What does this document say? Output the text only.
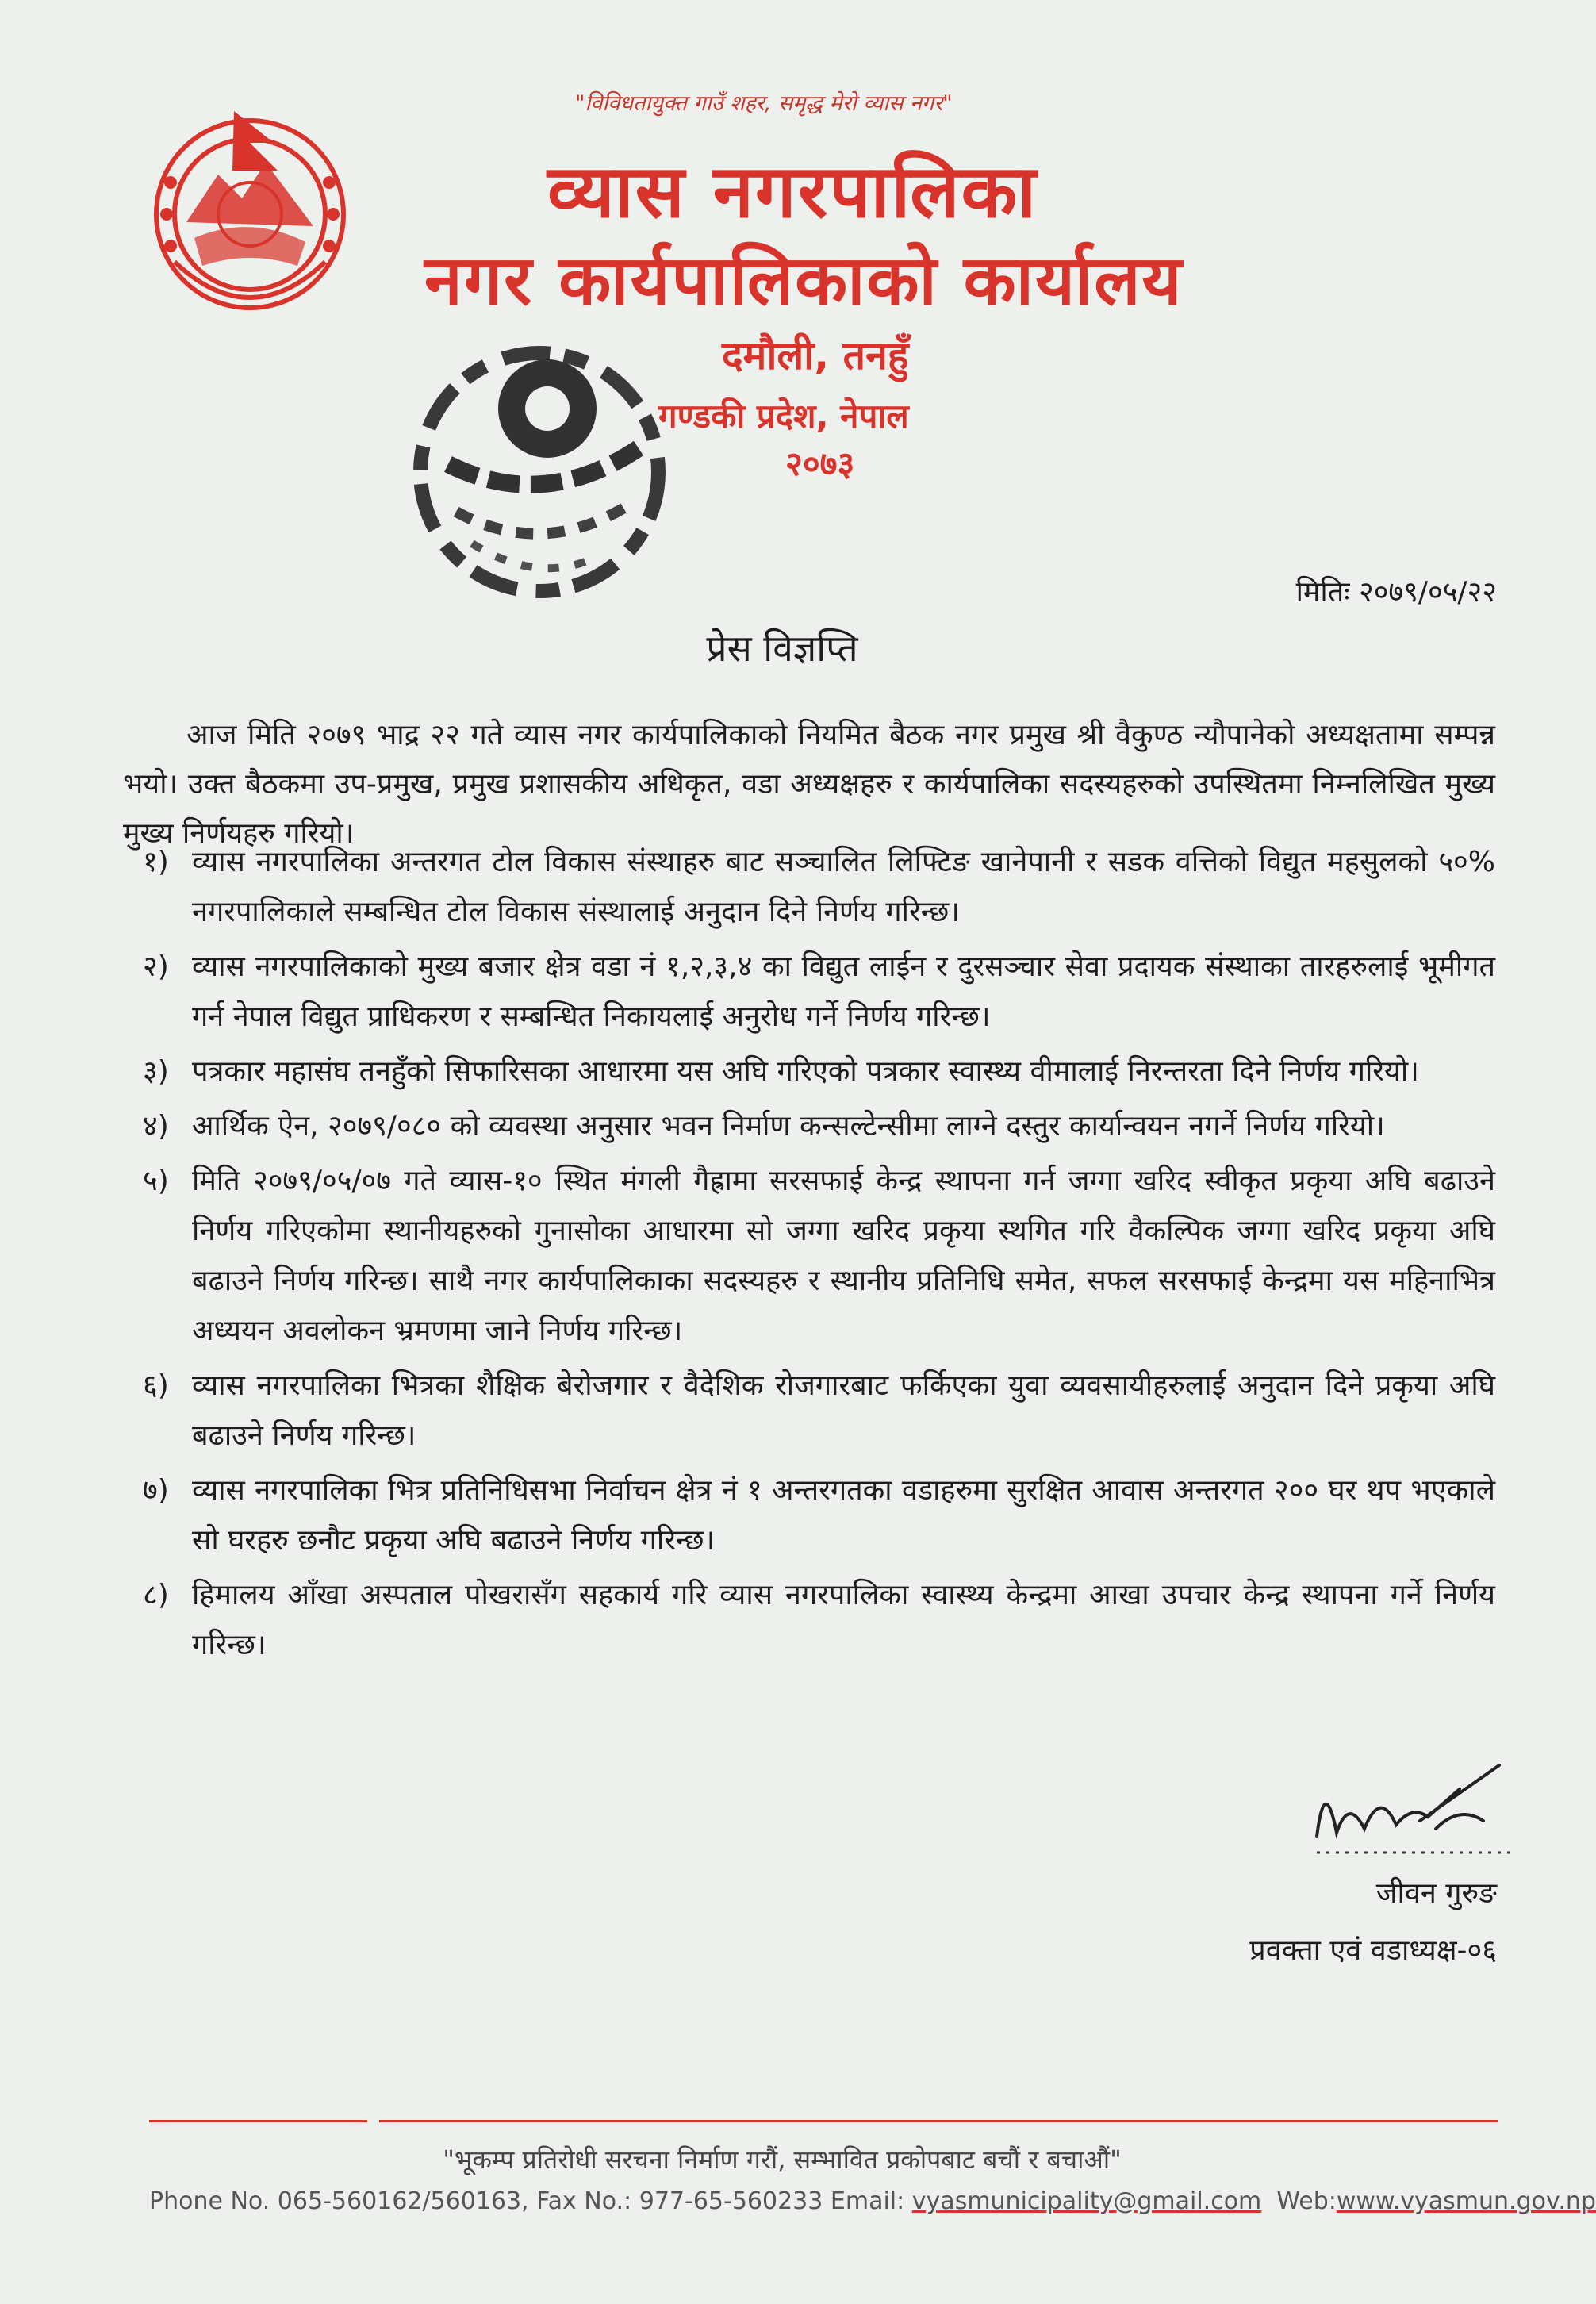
"विविधतायुक्त गाउँ शहर, समृद्ध मेरो व्यास नगर"
व्यास नगरपालिका
नगर कार्यपालिकाको कार्यालय
दमौली, तनहुँ
गण्डकी प्रदेश, नेपाल
२०७३
मितिः २०७९/०५/२२
प्रेस विज्ञप्ति

आज मिति २०७९ भाद्र २२ गते व्यास नगर कार्यपालिकाको नियमित बैठक नगर प्रमुख श्री वैकुण्ठ न्यौपानेको अध्यक्षतामा सम्पन्न भयो। उक्त बैठकमा उप-प्रमुख, प्रमुख प्रशासकीय अधिकृत, वडा अध्यक्षहरु र कार्यपालिका सदस्यहरुको उपस्थितमा निम्नलिखित मुख्य मुख्य निर्णयहरु गरियो।

१) व्यास नगरपालिका अन्तरगत टोल विकास संस्थाहरु बाट सञ्चालित लिफ्टिङ खानेपानी र सडक वत्तिको विद्युत महसुलको ५०% नगरपालिकाले सम्बन्धित टोल विकास संस्थालाई अनुदान दिने निर्णय गरिन्छ।
२) व्यास नगरपालिकाको मुख्य बजार क्षेत्र वडा नं १,२,३,४ का विद्युत लाईन र दुरसञ्चार सेवा प्रदायक संस्थाका तारहरुलाई भूमीगत गर्न नेपाल विद्युत प्राधिकरण र सम्बन्धित निकायलाई अनुरोध गर्ने निर्णय गरिन्छ।
३) पत्रकार महासंघ तनहुँको सिफारिसका आधारमा यस अघि गरिएको पत्रकार स्वास्थ्य वीमालाई निरन्तरता दिने निर्णय गरियो।
४) आर्थिक ऐन, २०७९/०८० को व्यवस्था अनुसार भवन निर्माण कन्सल्टेन्सीमा लाग्ने दस्तुर कार्यान्वयन नगर्ने निर्णय गरियो।
५) मिति २०७९/०५/०७ गते व्यास-१० स्थित मंगली गैह्रामा सरसफाई केन्द्र स्थापना गर्न जग्गा खरिद स्वीकृत प्रकृया अघि बढाउने निर्णय गरिएकोमा स्थानीयहरुको गुनासोका आधारमा सो जग्गा खरिद प्रकृया स्थगित गरि वैकल्पिक जग्गा खरिद प्रकृया अघि बढाउने निर्णय गरिन्छ। साथै नगर कार्यपालिकाका सदस्यहरु र स्थानीय प्रतिनिधि समेत, सफल सरसफाई केन्द्रमा यस महिनाभित्र अध्ययन अवलोकन भ्रमणमा जाने निर्णय गरिन्छ।
६) व्यास नगरपालिका भित्रका शैक्षिक बेरोजगार र वैदेशिक रोजगारबाट फर्किएका युवा व्यवसायीहरुलाई अनुदान दिने प्रकृया अघि बढाउने निर्णय गरिन्छ।
७) व्यास नगरपालिका भित्र प्रतिनिधिसभा निर्वाचन क्षेत्र नं १ अन्तरगतका वडाहरुमा सुरक्षित आवास अन्तरगत २०० घर थप भएकाले सो घरहरु छनौट प्रकृया अघि बढाउने निर्णय गरिन्छ।
८) हिमालय आँखा अस्पताल पोखरासँग सहकार्य गरि व्यास नगरपालिका स्वास्थ्य केन्द्रमा आखा उपचार केन्द्र स्थापना गर्ने निर्णय गरिन्छ।
जीवन गुरुङ
प्रवक्ता एवं वडाध्यक्ष-०६
"भूकम्प प्रतिरोधी सरचना निर्माण गरौं, सम्भावित प्रकोपबाट बचौं र बचाऔं"
Phone No. 065-560162/560163, Fax No.: 977-65-560233 Email: vyasmunicipality@gmail.com Web:www.vyasmun.gov.np
